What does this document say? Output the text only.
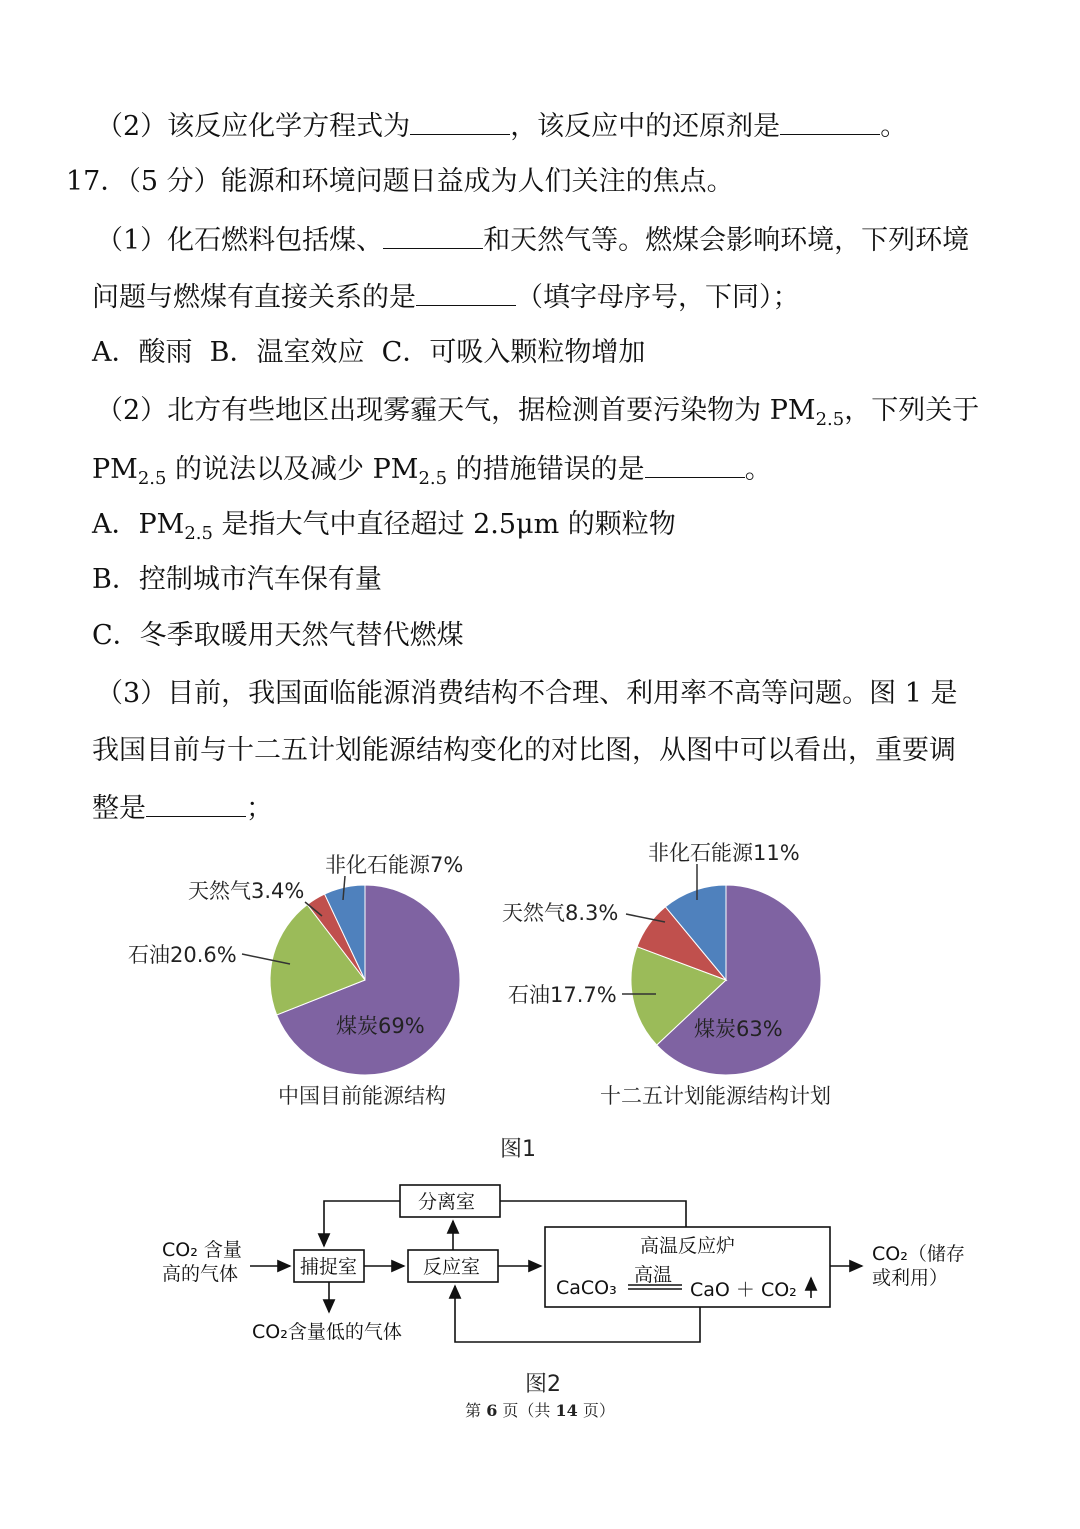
（2）该反应化学方程式为	，该反应中的还原剂是	。
17．（5 分）能源和环境问题日益成为人们关注的焦点。
（1）化石燃料包括煤、	和天然气等。燃煤会影响环境，下列环境
问题与燃煤有直接关系的是	（填字母序号，下同）；
A．酸雨  B．温室效应  C．可吸入颗粒物增加
（2）北方有些地区出现雾霾天气，据检测首要污染物为 $PM_{2.5}$，下列关于
$PM_{2.5}$ 的说法以及减少 $PM_{2.5}$ 的措施错误的是	。
A．$PM_{2.5}$ 是指大气中直径超过 2.5μm 的颗粒物
B．控制城市汽车保有量
C．冬季取暖用天然气替代燃煤
（3）目前，我国面临能源消费结构不合理、利用率不高等问题。图 1 是
我国目前与十二五计划能源结构变化的对比图，从图中可以看出，重要调
整是	；
非化石能源7%
天然气3.4%
石油20.6%
煤炭69%
中国目前能源结构
非化石能源11%
天然气8.3%
石油17.7%
煤炭63%
十二五计划能源结构计划
图1
CO₂ 含量
高的气体	捕捉室
CO₂含量低的气体
分离室
反应室
高温反应炉
CaCO₃
高温
CaO ＋ CO₂
CO₂（储存
或利用）
图2
第 6 页（共 14 页）
